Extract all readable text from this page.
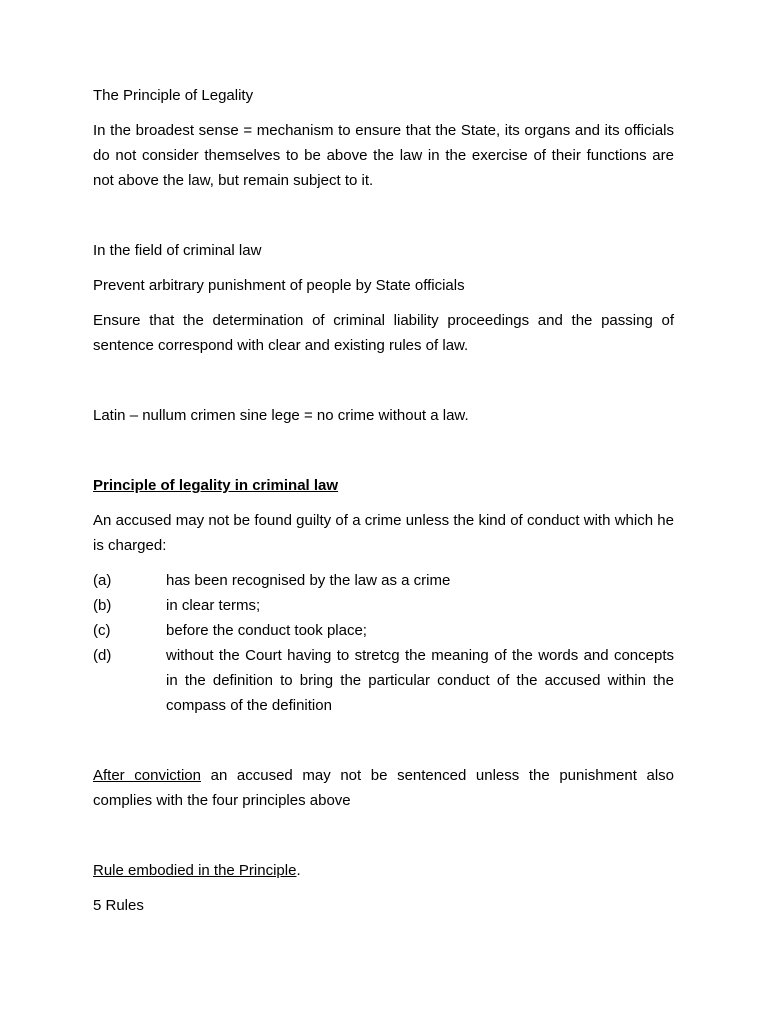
The Principle of Legality

In the broadest sense = mechanism to ensure that the State, its organs and its officials do not consider themselves to be above the law in the exercise of their functions are not above the law, but remain subject to it.

In the field of criminal law

Prevent arbitrary punishment of people by State officials

Ensure that the determination of criminal liability proceedings and the passing of sentence correspond with clear and existing rules of law.

Latin – nullum crimen sine lege = no crime without a law.

Principle of legality in criminal law

An accused may not be found guilty of a crime unless the kind of conduct with which he is charged:

(a)	has been recognised by the law as a crime
(b)	in clear terms;
(c)	before the conduct took place;
(d)	without the Court having to stretcg the meaning of the words and concepts in the definition to bring the particular conduct of the accused within the compass of the definition

After conviction an accused may not be sentenced unless the punishment also complies with the four principles above

Rule embodied in the Principle.

5 Rules
